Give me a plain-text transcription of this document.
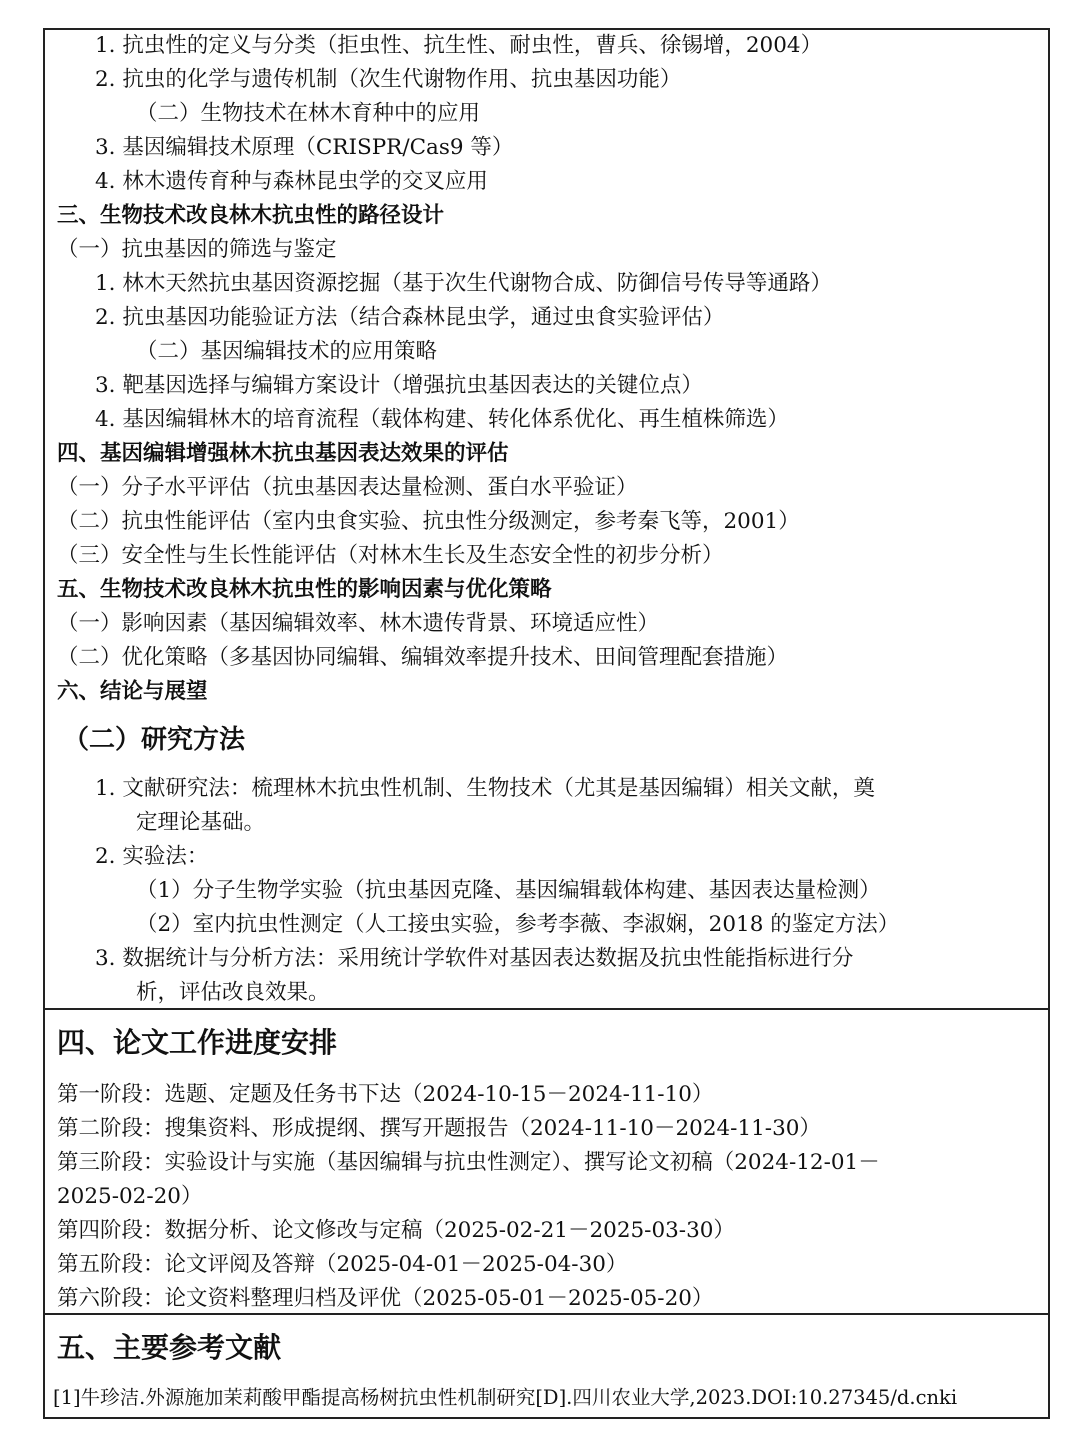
1. 抗虫性的定义与分类（拒虫性、抗生性、耐虫性，曹兵、徐锡增，2004）
2. 抗虫的化学与遗传机制（次生代谢物作用、抗虫基因功能）
（二）生物技术在林木育种中的应用
3. 基因编辑技术原理（CRISPR/Cas9 等）
4. 林木遗传育种与森林昆虫学的交叉应用
三、生物技术改良林木抗虫性的路径设计
（一）抗虫基因的筛选与鉴定
1. 林木天然抗虫基因资源挖掘（基于次生代谢物合成、防御信号传导等通路）
2. 抗虫基因功能验证方法（结合森林昆虫学，通过虫食实验评估）
（二）基因编辑技术的应用策略
3. 靶基因选择与编辑方案设计（增强抗虫基因表达的关键位点）
4. 基因编辑林木的培育流程（载体构建、转化体系优化、再生植株筛选）
四、基因编辑增强林木抗虫基因表达效果的评估
（一）分子水平评估（抗虫基因表达量检测、蛋白水平验证）
（二）抗虫性能评估（室内虫食实验、抗虫性分级测定，参考秦飞等，2001）
（三）安全性与生长性能评估（对林木生长及生态安全性的初步分析）
五、生物技术改良林木抗虫性的影响因素与优化策略
（一）影响因素（基因编辑效率、林木遗传背景、环境适应性）
（二）优化策略（多基因协同编辑、编辑效率提升技术、田间管理配套措施）
六、结论与展望
（二）研究方法
1. 文献研究法：梳理林木抗虫性机制、生物技术（尤其是基因编辑）相关文献，奠
定理论基础。
2. 实验法：
（1）分子生物学实验（抗虫基因克隆、基因编辑载体构建、基因表达量检测）
（2）室内抗虫性测定（人工接虫实验，参考李薇、李淑娴，2018 的鉴定方法）
3. 数据统计与分析方法：采用统计学软件对基因表达数据及抗虫性能指标进行分
析，评估改良效果。
四、论文工作进度安排
第一阶段：选题、定题及任务书下达（2024-10-15－2024-11-10）
第二阶段：搜集资料、形成提纲、撰写开题报告（2024-11-10－2024-11-30）
第三阶段：实验设计与实施（基因编辑与抗虫性测定）、撰写论文初稿（2024-12-01－
2025-02-20）
第四阶段：数据分析、论文修改与定稿（2025-02-21－2025-03-30）
第五阶段：论文评阅及答辩（2025-04-01－2025-04-30）
第六阶段：论文资料整理归档及评优（2025-05-01－2025-05-20）
五、主要参考文献
[1]牛珍洁.外源施加茉莉酸甲酯提高杨树抗虫性机制研究[D].四川农业大学,2023.DOI:10.27345/d.cnki
